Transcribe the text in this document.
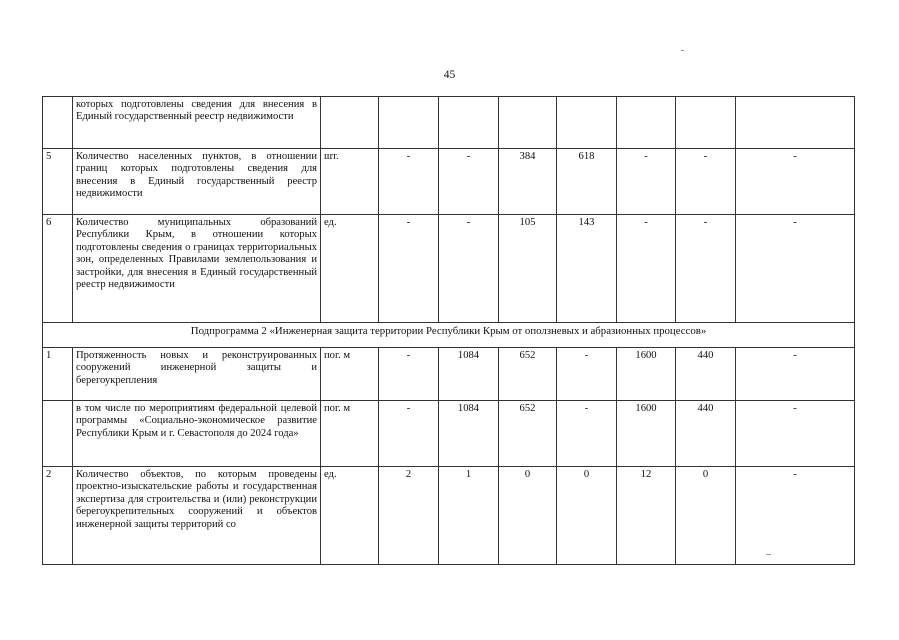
45
	которых подготовлены сведения для внесения в Единый государственный реестр недвижимости								
5	Количество населенных пунктов, в отношении границ которых подготовлены сведения для внесения в Единый государственный реестр недвижимости	шт.	-	-	384	618	-	-	-
6	Количество муниципальных образований Республики Крым, в отношении которых подготовлены сведения о границах территориальных зон, определенных Правилами землепользования и застройки, для внесения в Единый государственный реестр недвижимости	ед.	-	-	105	143	-	-	-
Подпрограмма 2 «Инженерная защита территории Республики Крым от оползневых и абразионных процессов»									
1	Протяженность новых и реконструированных сооружений инженерной защиты и берегоукрепления	пог. м	-	1084	652	-	1600	440	-
	в том числе по мероприятиям федеральной целевой программы «Социально-экономическое развитие Республики Крым и г. Севастополя до 2024 года»	пог. м	-	1084	652	-	1600	440	-
2	Количество объектов, по которым проведены проектно-изыскательские работы и государственная экспертиза для строительства и (или) реконструкции берегоукрепительных сооружений и объектов инженерной защиты территорий со	ед.	2	1	0	0	12	0	-
